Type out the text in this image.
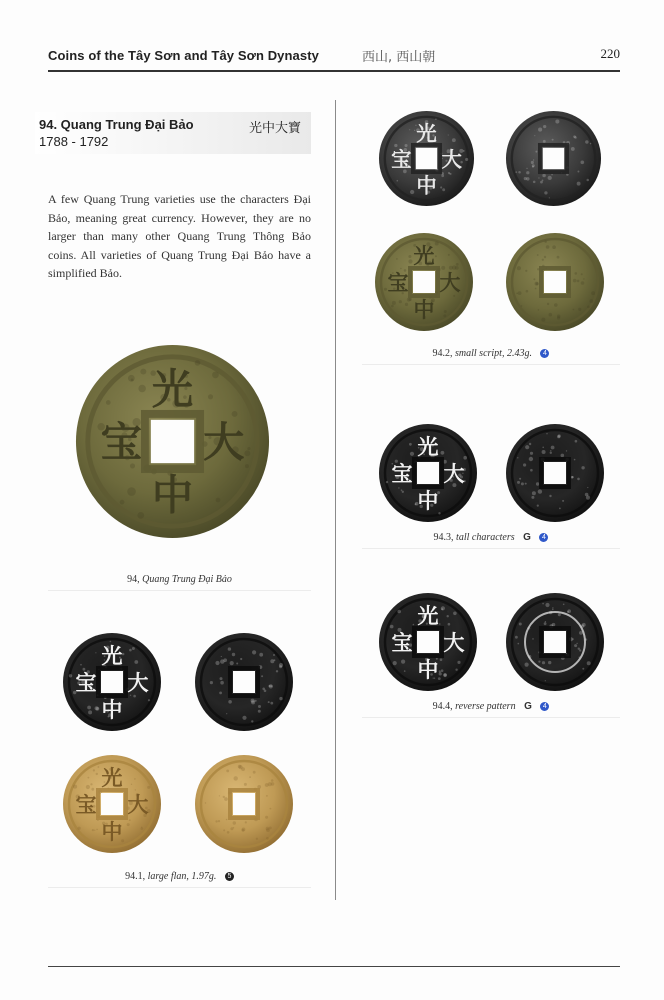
Coins of the Tây Sơn and Tây Sơn Dynasty	西山, 西山朝	220
94. Quang Trung Đại Bảo
1788 - 1792
光中大寶

A few Quang Trung varieties use the characters Đại Bảo, meaning great currency. However, they are no larger than many other Quang Trung Thông Bảo coins. All varieties of Quang Trung Đại Bảo have a simplified Bảo.

光
大
中
宝
94, Quang Trung Đại Bảo
光
大
中
宝
光
大
中
宝
94.1, large flan, 1.97g. 5
光
大
中
宝
光
大
中
宝
94.2, small script, 2.43g. 4
光
大
中
宝
94.3, tall characters G 4
光
大
中
宝
94.4, reverse pattern G 4
